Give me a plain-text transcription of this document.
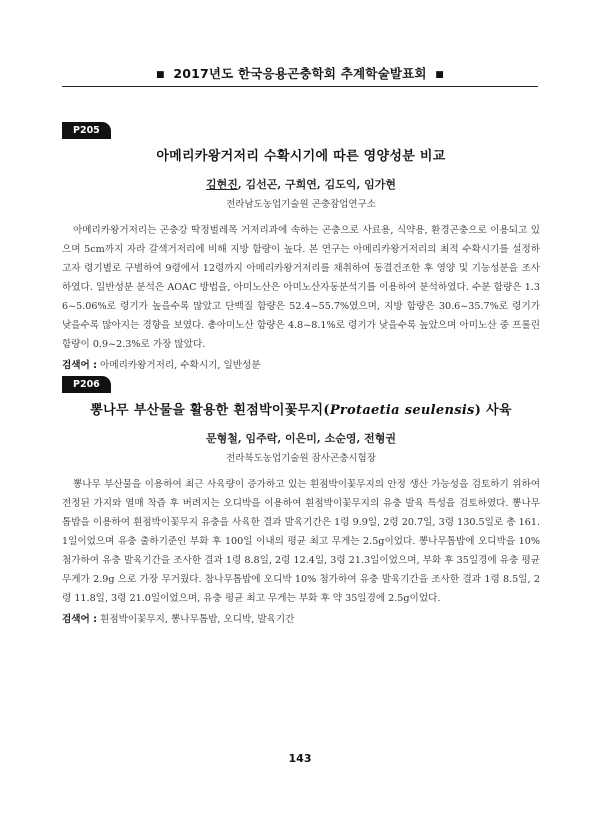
■ 2017년도 한국응용곤충학회 추계학술발표회 ■
P205
아메리카왕거저리 수확시기에 따른 영양성분 비교
김현진, 김선곤, 구희연, 김도익, 임가현
전라남도농업기술원 곤충잠업연구소
아메리카왕거저리는 곤충강 딱정벌레목 거저리과에 속하는 곤충으로 사료용, 식약용, 환경곤충으로 이용되고 있으며 5cm까지 자라 갈색거저리에 비해 지방 함량이 높다. 본 연구는 아메리카왕거저리의 최적 수확시기를 설정하고자 령기별로 구별하여 9령에서 12령까지 아메리카왕거저리를 채취하여 동결건조한 후 영양 및 기능성분을 조사하였다. 일반성분 분석은 AOAC 방법을, 아미노산은 아미노산자동분석기를 이용하여 분석하였다. 수분 함량은 1.36~5.06%로 령기가 높을수록 많았고 단백질 함량은 52.4~55.7%였으며, 지방 함량은 30.6~35.7%로 령기가 낮을수록 많아지는 경향을 보였다. 총아미노산 함량은 4.8~8.1%로 령기가 낮을수록 높았으며 아미노산 중 프롤린 함량이 0.9~2.3%로 가장 많았다.
검색어 : 아메리카왕거저리, 수확시기, 일반성분
P206
뽕나무 부산물을 활용한 흰점박이꽃무지(Protaetia seulensis) 사육
문형철, 임주락, 이은미, 소순영, 전형권
전라북도농업기술원 잠사곤충시험장
뽕나무 부산물을 이용하여 최근 사육량이 증가하고 있는 흰점박이꽃무지의 안정 생산 가능성을 검토하기 위하여 전정된 가지와 열매 착즙 후 버려지는 오디박을 이용하여 흰점박이꽃무지의 유충 발육 특성을 검토하였다. 뽕나무톱밥을 이용하여 흰점박이꽃무지 유충을 사육한 결과 발육기간은 1령 9.9일, 2령 20.7일, 3령 130.5일로 총 161.1일이었으며 유충 출하기준인 부화 후 100일 이내의 평균 최고 무게는 2.5g이었다. 뽕나무톱밥에 오디박을 10% 첨가하여 유충 발육기간을 조사한 결과 1령 8.8일, 2령 12.4일, 3령 21.3일이었으며, 부화 후 35일경에 유충 평균무게가 2.9g 으로 가장 무거웠다. 참나무톱밥에 오디박 10% 첨가하여 유충 발육기간을 조사한 결과 1령 8.5일, 2령 11.8일, 3령 21.0일이었으며, 유충 평균 최고 무게는 부화 후 약 35일경에 2.5g이었다.
검색어 : 흰점박이꽃무지, 뽕나무톱밥, 오디박, 발육기간
143
